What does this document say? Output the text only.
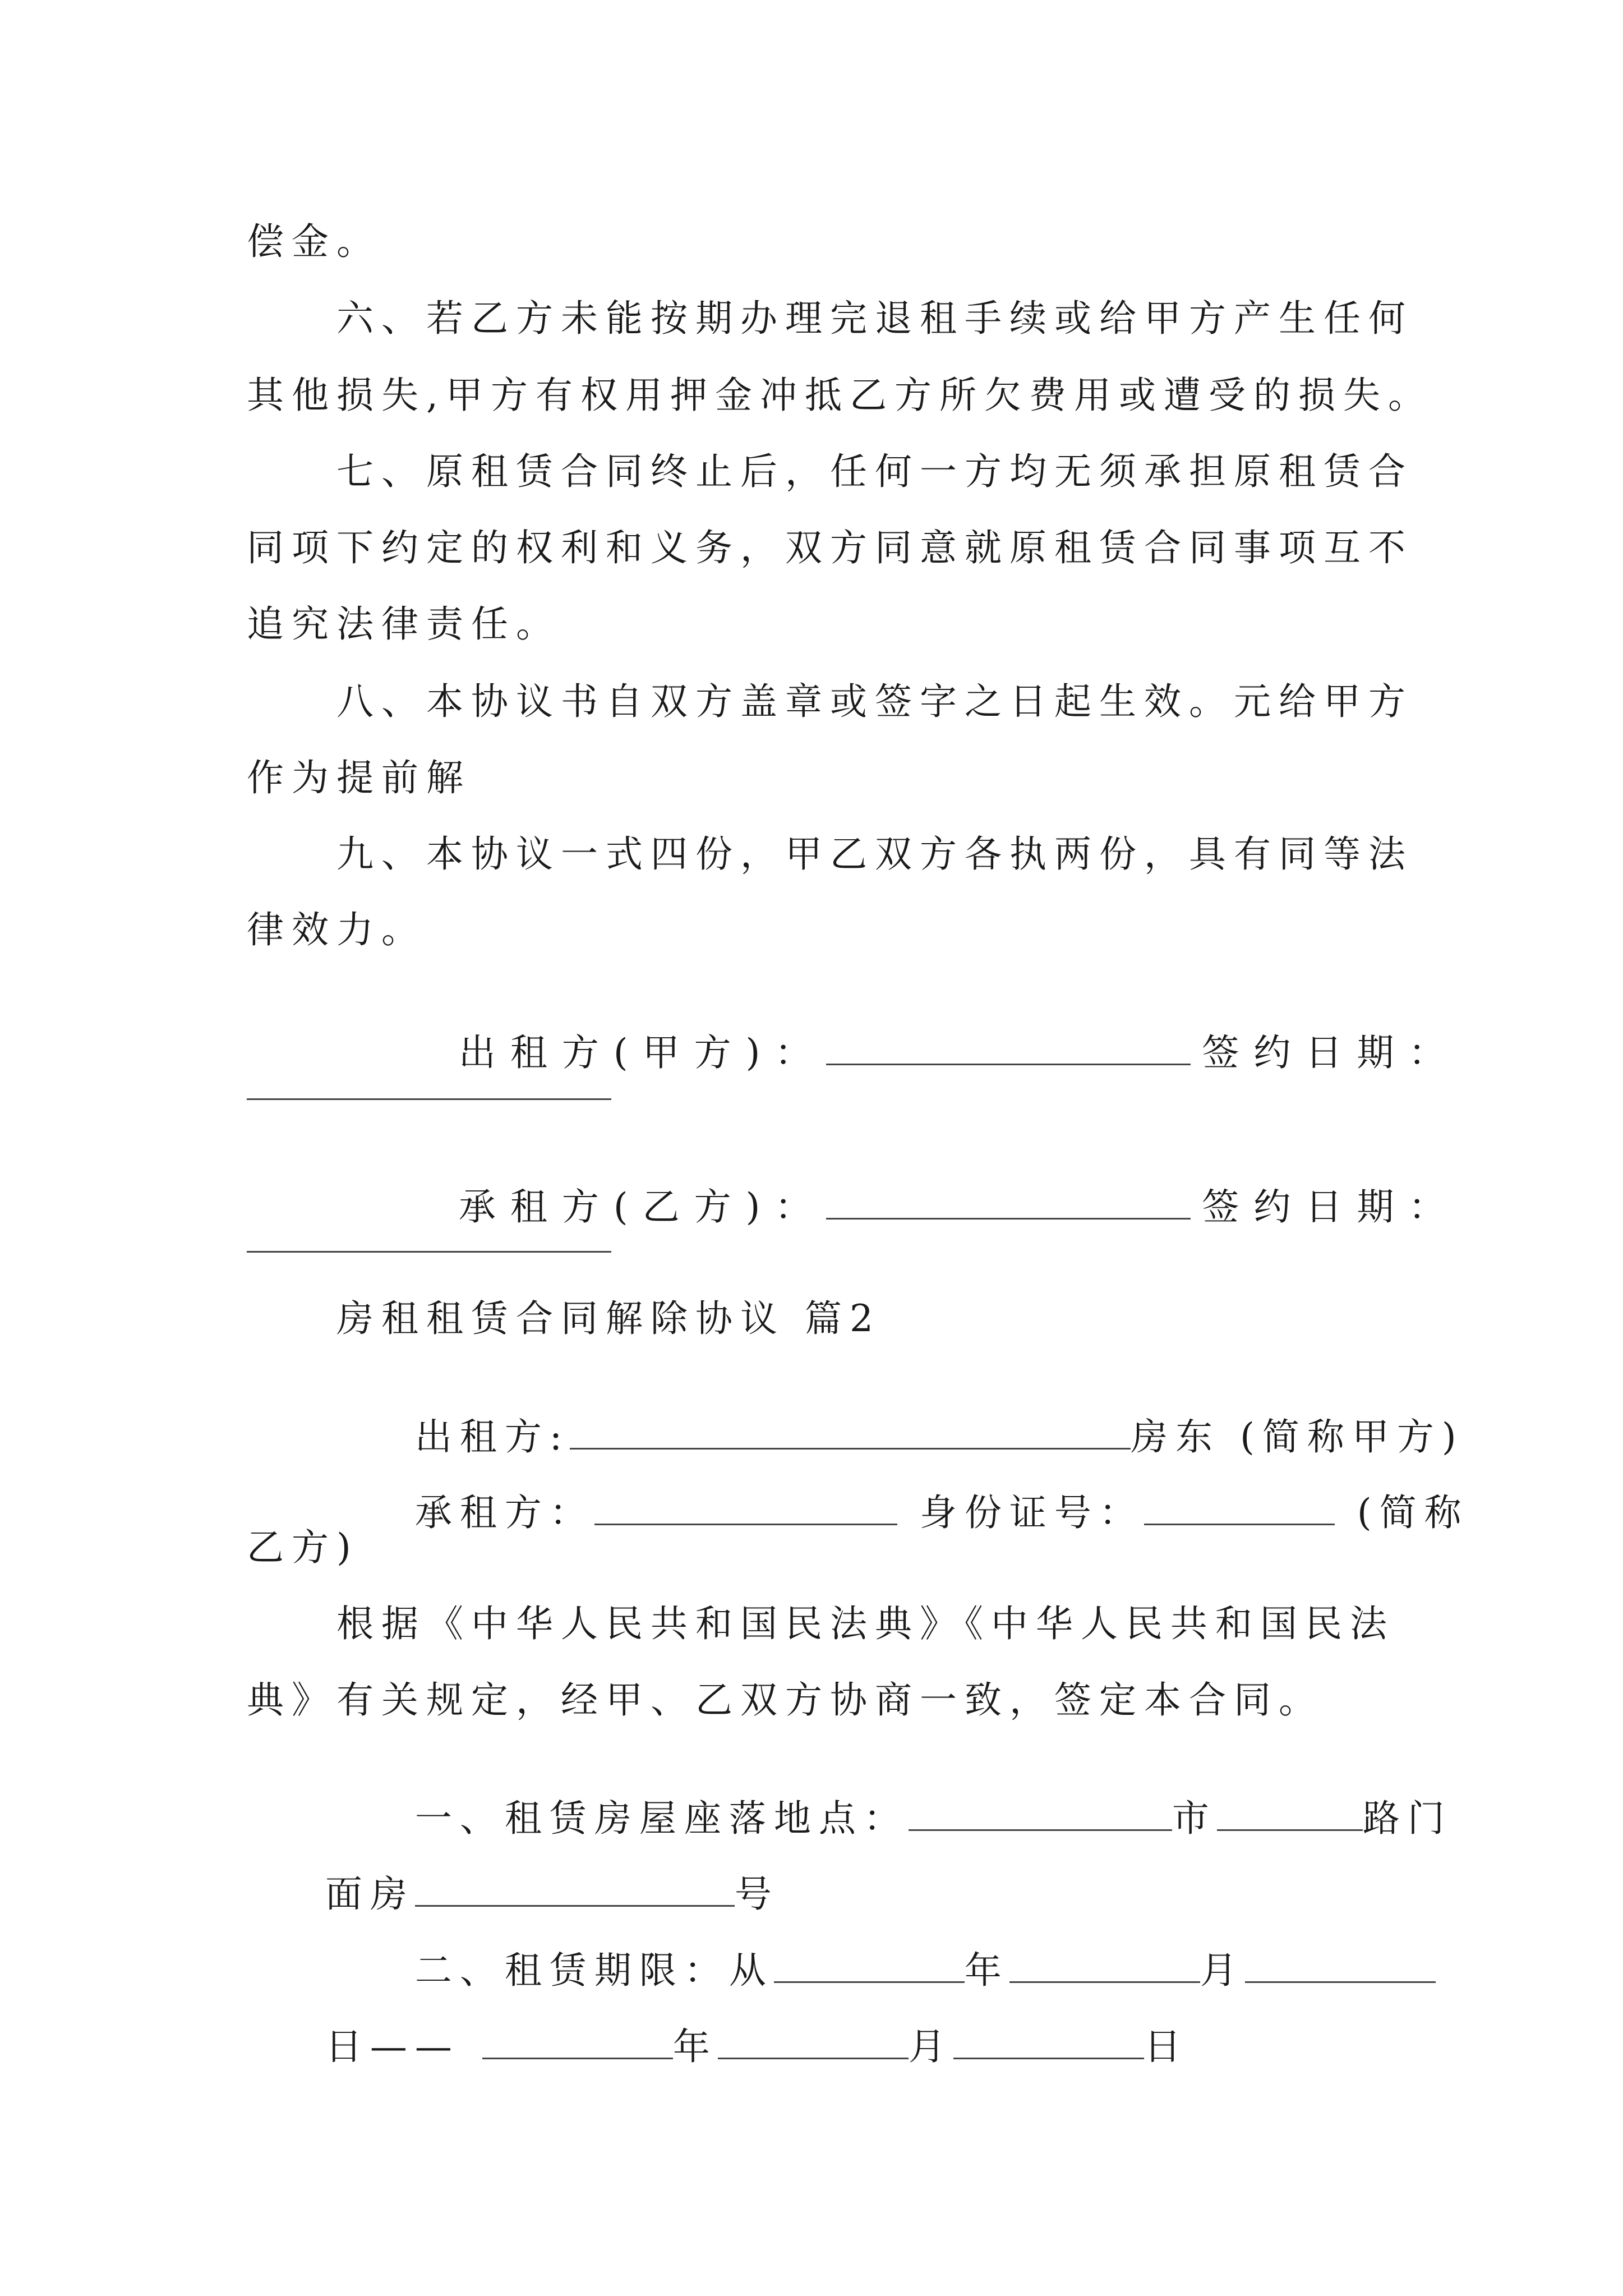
偿金。
六、若乙方未能按期办理完退租手续或给甲方产生任何
其他损失,甲方有权用押金冲抵乙方所欠费用或遭受的损失。
七、原租赁合同终止后，任何一方均无须承担原租赁合
同项下约定的权利和义务，双方同意就原租赁合同事项互不
追究法律责任。
八、本协议书自双方盖章或签字之日起生效。元给甲方
作为提前解
九、本协议一式四份，甲乙双方各执两份，具有同等法
律效力。

出租方(甲方)：	签约日期：

承租方(乙方)：	签约日期：

房租租赁合同解除协议 篇2

出租方:	房东 (简称甲方)

承租方：	身份证号：	(简称

乙方)
根据《中华人民共和国民法典》《中华人民共和国民法
典》有关规定，经甲、乙双方协商一致，签定本合同。

一、租赁房屋座落地点：	市	路门

面房	号

二、租赁期限：从	年	月

日——	年	月	日
